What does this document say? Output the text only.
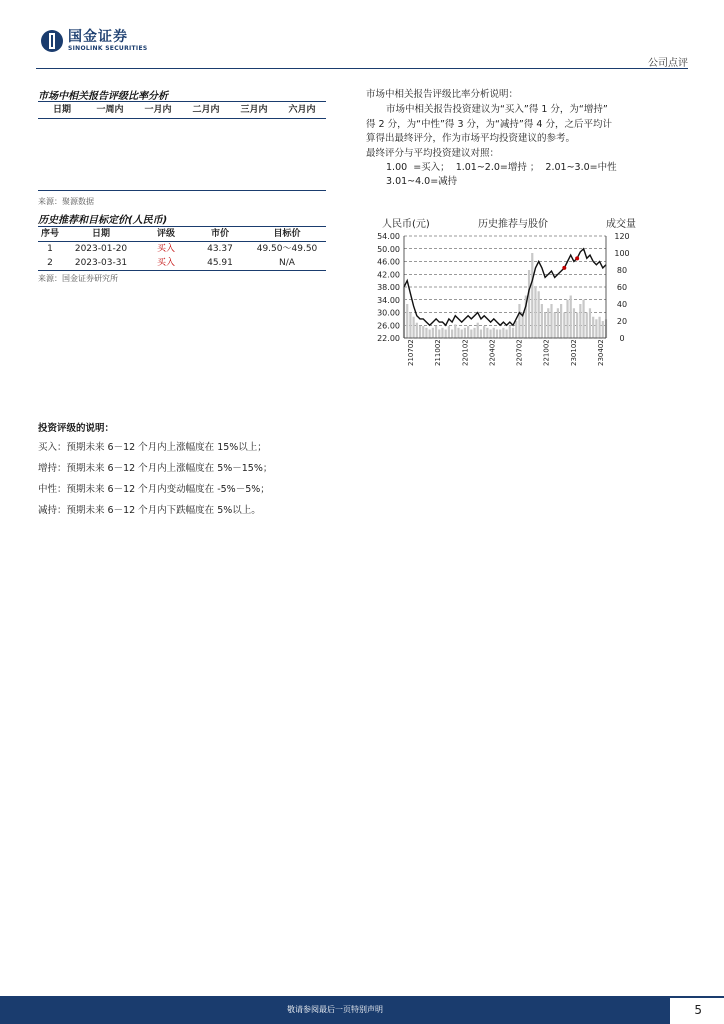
国金证券
SINOLINK SECURITIES
公司点评
市场中相关报告评级比率分析
日期	一周内	一月内	二月内	三月内	六月内
来源：聚源数据
历史推荐和目标定价(人民币)
序号	日期	评级	市价	目标价
1	2023-01-20	买入	43.37	49.50～49.50
2	2023-03-31	买入	45.91	N/A
来源：国金证券研究所
市场中相关报告评级比率分析说明：
市场中相关报告投资建议为“买入”得 1 分，为“增持”
得 2 分，为“中性”得 3 分，为“减持”得 4 分，之后平均计
算得出最终评分，作为市场平均投资建议的参考。
最终评分与平均投资建议对照：
1.00  =买入；  1.01~2.0=增持 ；  2.01~3.0=中性
3.01~4.0=减持
人民币(元)	历史推荐与股价	成交量
22.00
26.00
30.00
34.00
38.00
42.00
46.00
50.00
54.00
0
20
40
60
80
100
120
210702	211002	220102	220402	220702	221002	230102	230402
投资评级的说明：
买入：预期未来 6－12 个月内上涨幅度在 15%以上；
增持：预期未来 6－12 个月内上涨幅度在 5%－15%；
中性：预期未来 6－12 个月内变动幅度在 -5%－5%；
减持：预期未来 6－12 个月内下跌幅度在 5%以上。
敬请参阅最后一页特别声明	5
